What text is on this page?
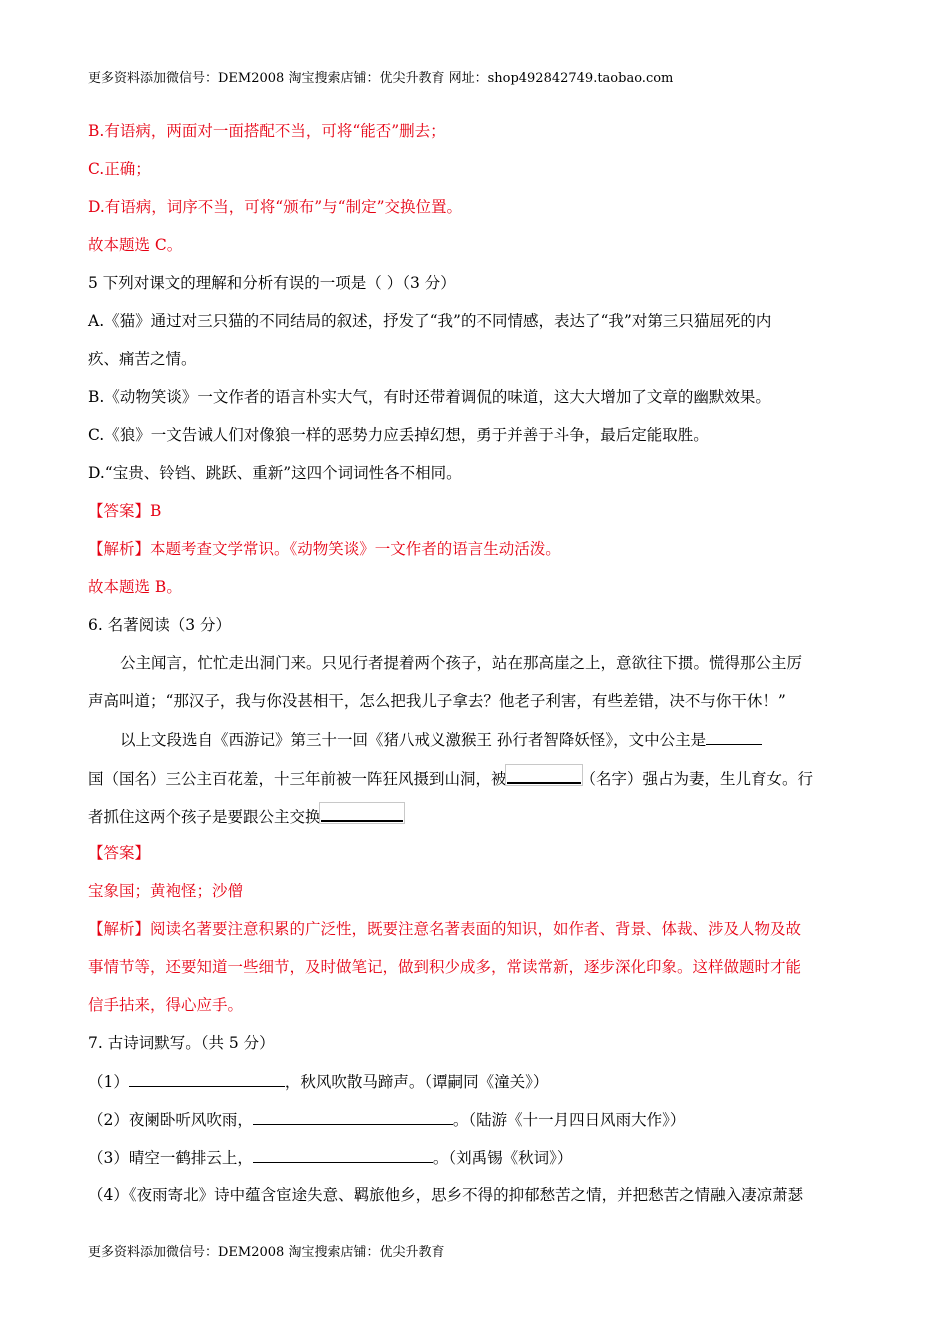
更多资料添加微信号：DEM2008 淘宝搜索店铺：优尖升教育 网址：shop492842749.taobao.com
B.有语病，两面对一面搭配不当，可将“能否”删去；
C.正确；
D.有语病，词序不当，可将“颁布”与“制定”交换位置。
故本题选 C。
5 下列对课文的理解和分析有误的一项是（ ）（3 分）
A.《猫》通过对三只猫的不同结局的叙述，抒发了“我”的不同情感，表达了“我”对第三只猫屈死的内
疚、痛苦之情。
B.《动物笑谈》一文作者的语言朴实大气，有时还带着调侃的味道，这大大增加了文章的幽默效果。
C.《狼》一文告诫人们对像狼一样的恶势力应丢掉幻想，勇于并善于斗争，最后定能取胜。
D.“宝贵、铃铛、跳跃、重新”这四个词词性各不相同。
【答案】B
【解析】本题考查文学常识。《动物笑谈》一文作者的语言生动活泼。
故本题选 B。
6. 名著阅读（3 分）
公主闻言，忙忙走出洞门来。只见行者提着两个孩子，站在那高崖之上，意欲往下掼。慌得那公主厉
声高叫道；“那汉子，我与你没甚相干，怎么把我儿子拿去？他老子利害，有些差错，决不与你干休！”
以上文段选自《西游记》第三十一回《猪八戒义激猴王 孙行者智降妖怪》，文中公主是
国（国名）三公主百花羞，十三年前被一阵狂风摄到山洞，被	（名字）强占为妻，生儿育女。行
者抓住这两个孩子是要跟公主交换
【答案】
宝象国；黄袍怪；沙僧
【解析】阅读名著要注意积累的广泛性，既要注意名著表面的知识，如作者、背景、体裁、涉及人物及故
事情节等，还要知道一些细节，及时做笔记，做到积少成多，常读常新，逐步深化印象。这样做题时才能
信手拈来，得心应手。
7. 古诗词默写。（共 5 分）
（1）	，秋风吹散马蹄声。（谭嗣同《潼关》）
（2）夜阑卧听风吹雨，	。（陆游《十一月四日风雨大作》）
（3）晴空一鹤排云上，	。（刘禹锡《秋词》）
（4）《夜雨寄北》诗中蕴含宦途失意、羁旅他乡，思乡不得的抑郁愁苦之情，并把愁苦之情融入凄凉萧瑟
更多资料添加微信号：DEM2008 淘宝搜索店铺：优尖升教育
